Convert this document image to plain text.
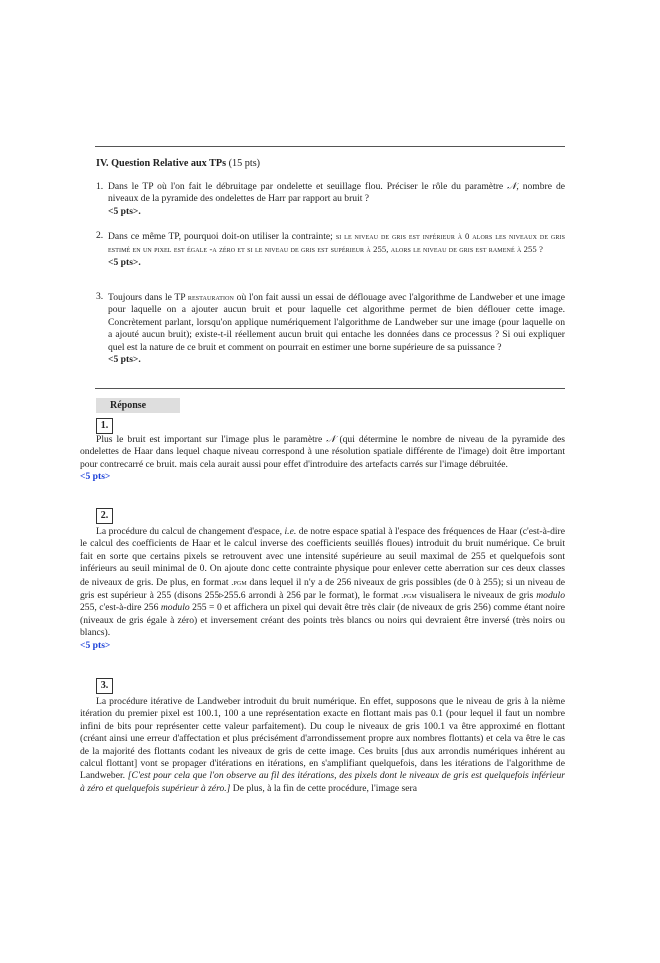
IV. Question Relative aux TPs (15 pts)
1. Dans le TP où l'on fait le débruitage par ondelette et seuillage flou. Préciser le rôle du paramètre 𝒩, nombre de niveaux de la pyramide des ondelettes de Harr par rapport au bruit ?
<5 pts>.
2. Dans ce même TP, pourquoi doit-on utiliser la contrainte; si le niveau de gris est inférieur à 0 alors les niveaux de gris estimé en un pixel est égale -a zéro et si le niveau de gris est supérieur à 255, alors le niveau de gris est ramené à 255 ?
<5 pts>.
3. Toujours dans le TP restauration où l'on fait aussi un essai de déflouage avec l'algorithme de Landweber et une image pour laquelle on a ajouter aucun bruit et pour laquelle cet algorithme permet de bien déflouer cette image. Concrètement parlant, lorsqu'on applique numériquement l'algorithme de Landweber sur une image (pour laquelle on a ajouté aucun bruit); existe-t-il réellement aucun bruit qui entache les données dans ce processus ? Si oui expliquer quel est la nature de ce bruit et comment on pourrait en estimer une borne supérieure de sa puissance ?
<5 pts>.
Réponse
1.

Plus le bruit est important sur l'image plus le paramètre 𝒩 (qui détermine le nombre de niveau de la pyramide des ondelettes de Haar dans lequel chaque niveau correspond à une résolution spatiale différente de l'image) doit être important pour contrecarré ce bruit. mais cela aurait aussi pour effet d'introduire des artefacts carrés sur l'image débruitée.

<5 pts>
2.

La procédure du calcul de changement d'espace, i.e. de notre espace spatial à l'espace des fréquences de Haar (c'est-à-dire le calcul des coefficients de Haar et le calcul inverse des coefficients seuillés floues) introduit du bruit numérique. Ce bruit fait en sorte que certains pixels se retrouvent avec une intensité supérieure au seuil maximal de 255 et quelquefois sont inférieurs au seuil minimal de 0. On ajoute donc cette contrainte physique pour enlever cette aberration sur ces deux classes de niveaux de gris. De plus, en format .pgm dans lequel il n'y a de 256 niveaux de gris possibles (de 0 à 255); si un niveau de gris est supérieur à 255 (disons 255▹255.6 arrondi à 256 par le format), le format .pgm visualisera le niveaux de gris modulo 255, c'est-à-dire 256 modulo 255 = 0 et affichera un pixel qui devait être très clair (de niveaux de gris 256) comme étant noire (niveaux de gris égale à zéro) et inversement créant des points très blancs ou noirs qui devraient être inversé (très noirs ou blancs).

<5 pts>
3.

La procédure itérative de Landweber introduit du bruit numérique. En effet, supposons que le niveau de gris à la nième itération du premier pixel est 100.1, 100 a une représentation exacte en flottant mais pas 0.1 (pour lequel il faut un nombre infini de bits pour représenter cette valeur parfaitement). Du coup le niveaux de gris 100.1 va être approximé en flottant (créant ainsi une erreur d'affectation et plus précisément d'arrondissement propre aux nombres flottants) et cela va être le cas de la majorité des flottants codant les niveaux de gris de cette image. Ces bruits [dus aux arrondis numériques inhérent au calcul flottant] vont se propager d'itérations en itérations, en s'amplifiant quelquefois, dans les itérations de l'algorithme de Landweber. [C'est pour cela que l'on observe au fil des itérations, des pixels dont le niveaux de gris est quelquefois inférieur à zéro et quelquefois supérieur à zéro.] De plus, à la fin de cette procédure, l'image sera
